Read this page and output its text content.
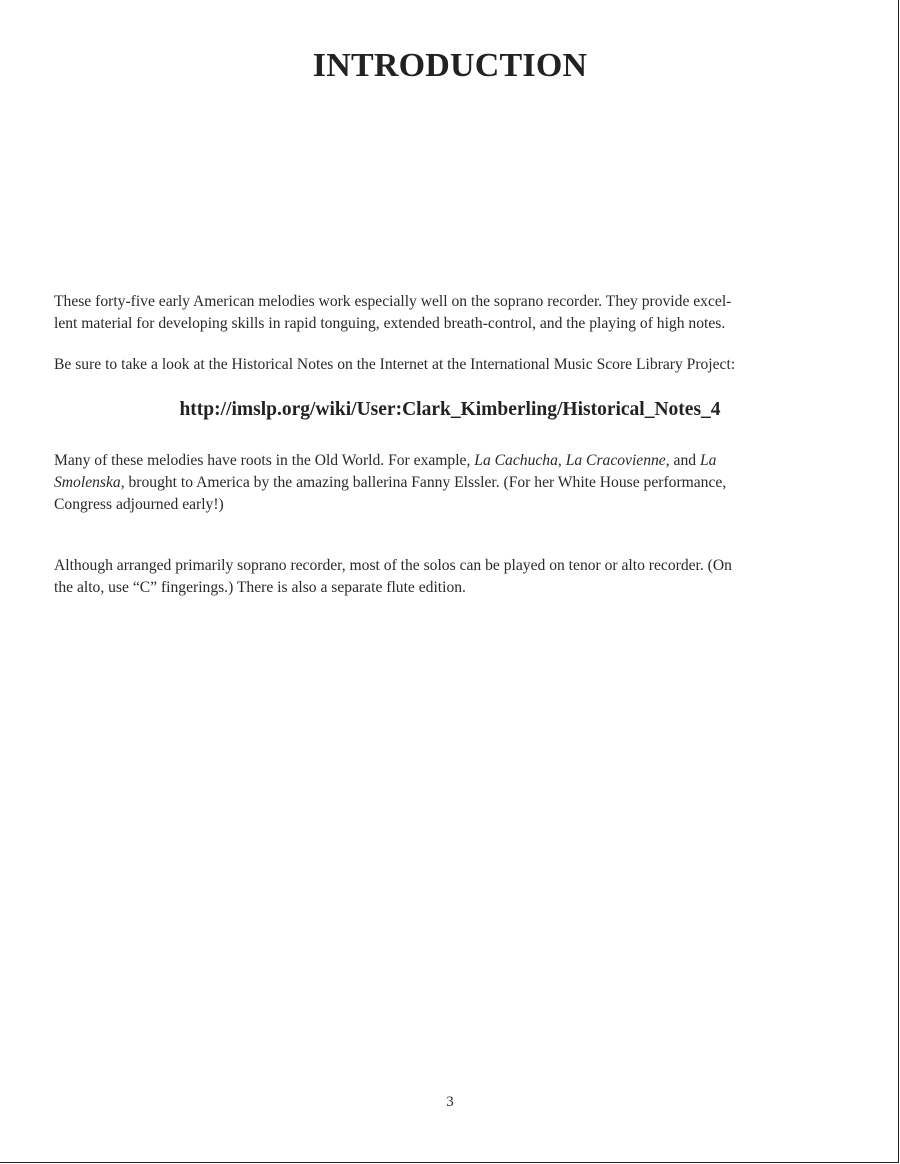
INTRODUCTION

These forty-five early American melodies work especially well on the soprano recorder. They provide excel-
lent material for developing skills in rapid tonguing, extended breath-control, and the playing of high notes.

Be sure to take a look at the Historical Notes on the Internet at the International Music Score Library Project:

http://imslp.org/wiki/User:Clark_Kimberling/Historical_Notes_4

Many of these melodies have roots in the Old World. For example, La Cachucha, La Cracovienne, and La
Smolenska, brought to America by the amazing ballerina Fanny Elssler. (For her White House performance,
Congress adjourned early!)

Although arranged primarily soprano recorder, most of the solos can be played on tenor or alto recorder. (On
the alto, use “C” fingerings.) There is also a separate flute edition.

3
